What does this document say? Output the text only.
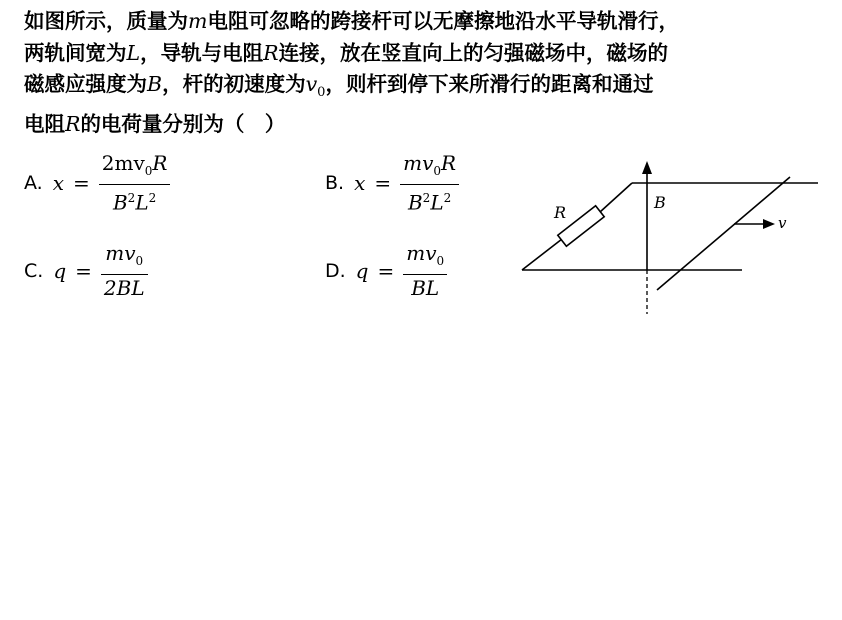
如图所示，质量为m电阻可忽略的跨接杆可以无摩擦地沿水平导轨滑行，
两轨间宽为L，导轨与电阻R连接，放在竖直向上的匀强磁场中，磁场的
磁感应强度为B，杆的初速度为$v_0$，则杆到停下来所滑行的距离和通过
电阻R的电荷量分别为（　）
A. $x = \frac{2mv_0R}{B^2L^2}$	B. $x = \frac{mv_0R}{B^2L^2}$
C. $q = \frac{mv_0}{2BL}$	D. $q = \frac{mv_0}{BL}$
R
B
v
